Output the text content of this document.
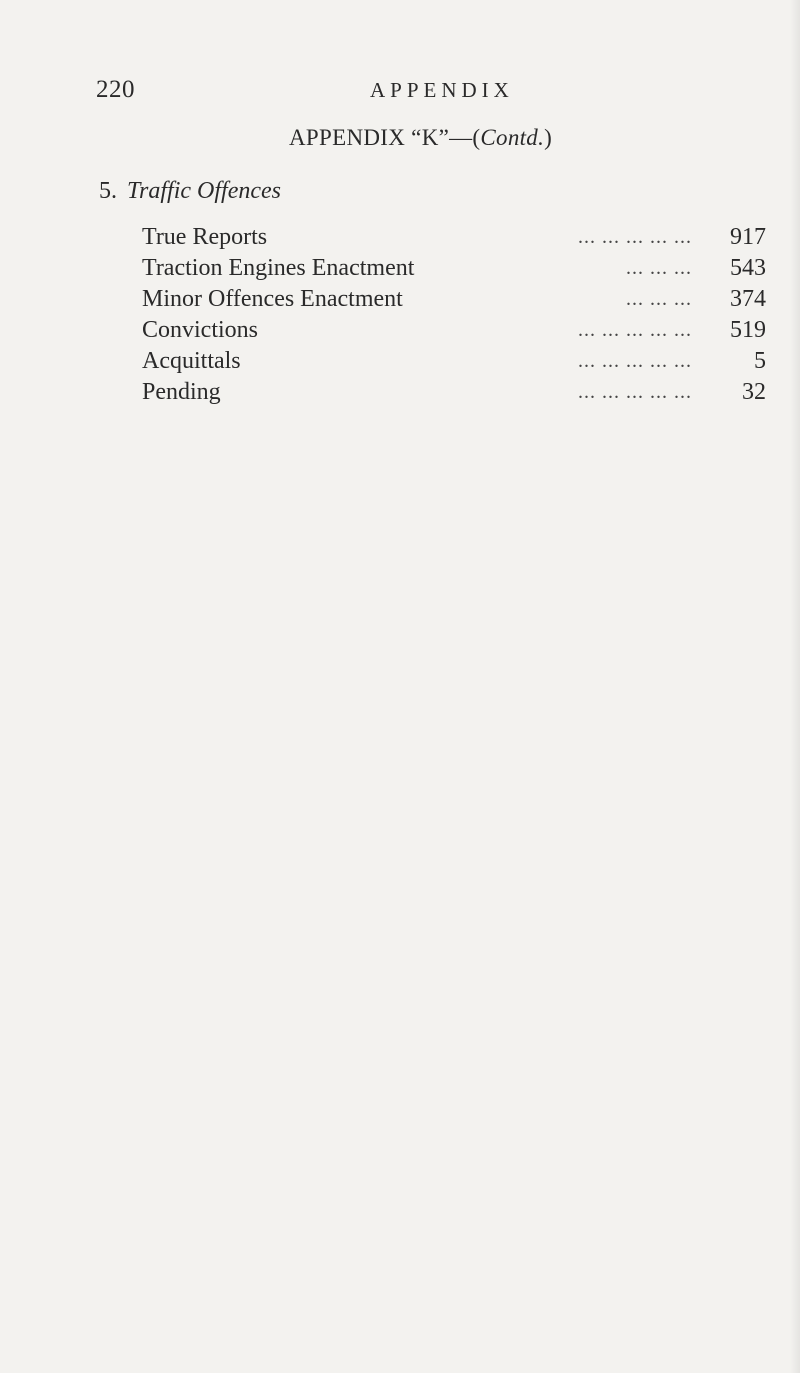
220	APPENDIX
APPENDIX “K”—(Contd.)
5. Traffic Offences
True Reports	... ... ... ... ... 917
Traction Engines Enactment	... ... ... 543
Minor Offences Enactment	... ... ... 374
Convictions	... ... ... ... ... 519
Acquittals	... ... ... ... ...	5
Pending	... ... ... ... ... 32
